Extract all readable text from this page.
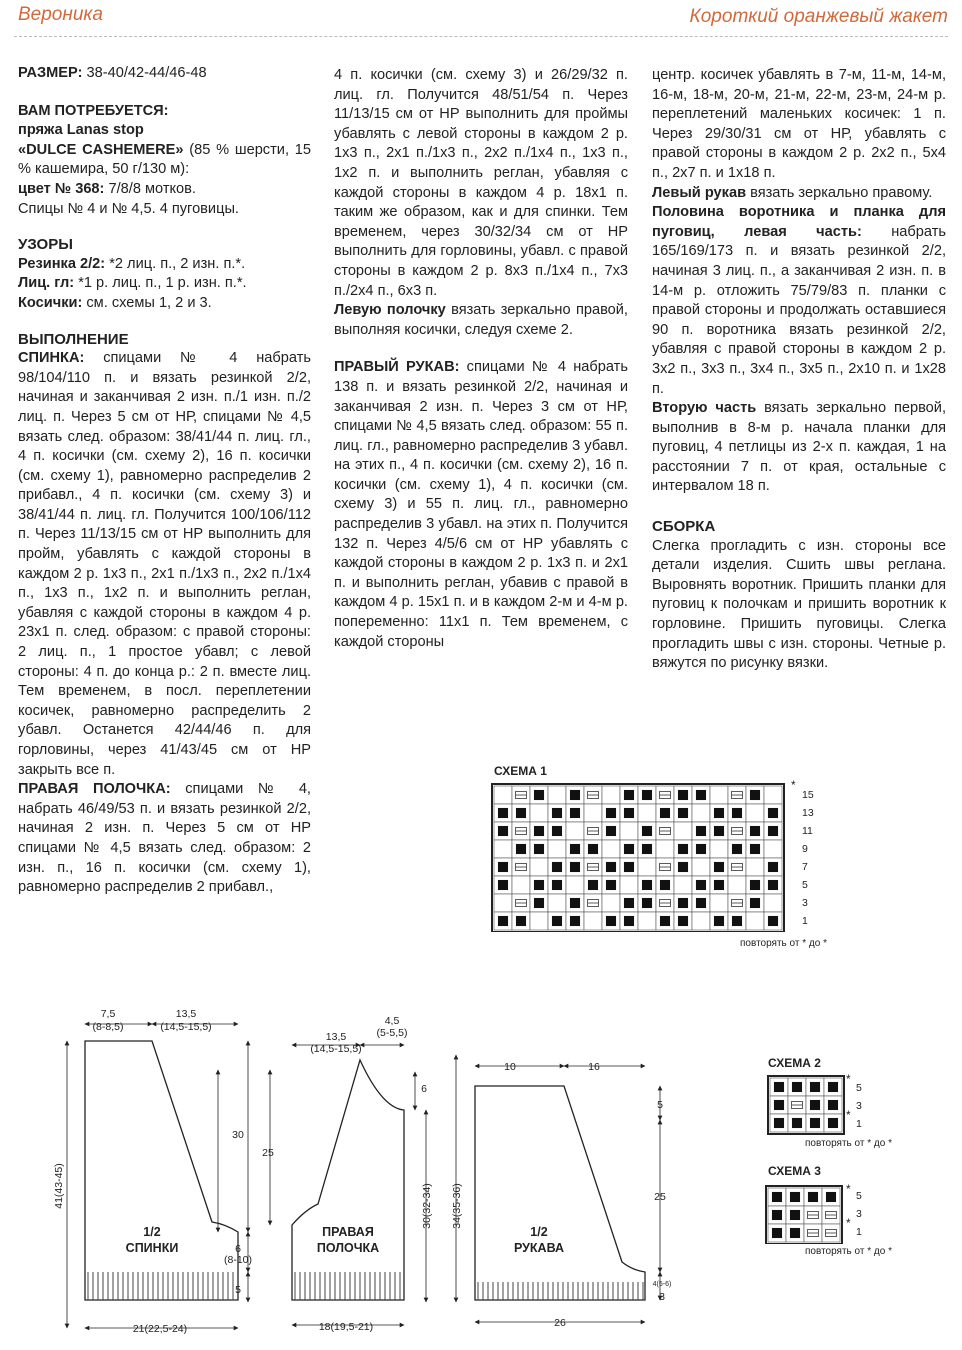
Вероника	Короткий оранжевый жакет

РАЗМЕР: 38-40/42-44/46-48

ВАМ ПОТРЕБУЕТСЯ:

пряжа Lanas stop

«DULCE CASHEMERE» (85 % шерсти, 15 % кашемира, 50 г/130 м):

цвет № 368: 7/8/8 мотков.

Спицы № 4 и № 4,5. 4 пуговицы.

УЗОРЫ

Резинка 2/2: *2 лиц. п., 2 изн. п.*.

Лиц. гл: *1 р. лиц. п., 1 р. изн. п.*.

Косички: см. схемы 1, 2 и 3.

ВЫПОЛНЕНИЕ

СПИНКА: спицами № 4 набрать 98/104/110 п. и вязать резинкой 2/2, начиная и заканчивая 2 изн. п./1 изн. п./2 лиц. п. Через 5 см от НР, спицами № 4,5 вязать след. образом: 38/41/44 п. лиц. гл., 4 п. косички (см. схему 2), 16 п. косички (см. схему 1), равномерно распределив 2 прибавл., 4 п. косички (см. схему 3) и 38/41/44 п. лиц. гл. Получится 100/106/112 п. Через 11/13/15 см от НР выполнить для пройм, убавлять с каждой стороны в каждом 2 р. 1х3 п., 2х1 п./1х3 п., 2х2 п./1х4 п., 1х3 п., 1х2 п. и выполнить реглан, убавляя с каждой стороны в каждом 4 р. 23х1 п. след. образом: с правой стороны: 2 лиц. п., 1 простое убавл; с левой стороны: 4 п. до конца р.: 2 п. вместе лиц. Тем временем, в посл. переплетении косичек, равномерно распределить 2 убавл. Останется 42/44/46 п. для горловины, через 41/43/45 см от НР закрыть все п.

ПРАВАЯ ПОЛОЧКА: спицами № 4, набрать 46/49/53 п. и вязать резинкой 2/2, начиная 2 изн. п. Через 5 см от НР спицами № 4,5 вязать след. образом: 2 изн. п., 16 п. косички (см. схему 1), равномерно распределив 2 прибавл.,

4 п. косички (см. схему 3) и 26/29/32 п. лиц. гл. Получится 48/51/54 п. Через 11/13/15 см от НР выполнить для проймы убавлять с левой стороны в каждом 2 р. 1х3 п., 2х1 п./1х3 п., 2х2 п./1х4 п., 1х3 п., 1х2 п. и выполнить реглан, убавляя с каждой стороны в каждом 4 р. 18х1 п. таким же образом, как и для спинки. Тем временем, через 30/32/34 см от НР выполнить для горловины, убавл. с правой стороны в каждом 2 р. 8х3 п./1х4 п., 7х3 п./2х4 п., 6х3 п.

Левую полочку вязать зеркально правой, выполняя косички, следуя схеме 2.

ПРАВЫЙ РУКАВ: спицами № 4 набрать 138 п. и вязать резинкой 2/2, начиная и заканчивая 2 изн. п. Через 3 см от НР, спицами № 4,5 вязать след. образом: 55 п. лиц. гл., равномерно распределив 3 убавл. на этих п., 4 п. косички (см. схему 2), 16 п. косички (см. схему 1), 4 п. косички (см. схему 3) и 55 п. лиц. гл., равномерно распределив 3 убавл. на этих п. Получится 132 п. Через 4/5/6 см от НР убавлять с каждой стороны в каждом 2 р. 1х3 п. и 2х1 п. и выполнить реглан, убавив с правой в каждом 4 р. 15х1 п. и в каждом 2-м и 4-м р. попеременно: 11х1 п. Тем временем, с каждой стороны

центр. косичек убавлять в 7-м, 11-м, 14-м, 16-м, 18-м, 20-м, 21-м, 22-м, 23-м, 24-м р. переплетений маленьких косичек: 1 п. Через 29/30/31 см от НР, убавлять с правой стороны в каждом 2 р. 2х2 п., 5х4 п., 2х7 п. и 1х18 п.

Левый рукав вязать зеркально правому.

Половина воротника и планка для пуговиц, левая часть: набрать 165/169/173 п. и вязать резинкой 2/2, начиная 3 лиц. п., а заканчивая 2 изн. п. в 14-м р. отложить 75/79/83 п. планки с правой стороны и продолжать оставшиеся 90 п. воротника вязать резинкой 2/2, убавляя с правой стороны в каждом 2 р. 3х2 п., 3х3 п., 3х4 п., 3х5 п., 2х10 п. и 1х28 п.

Вторую часть вязать зеркально первой, выполнив в 8-м р. начала планки для пуговиц, 4 петлицы из 2-х п. каждая, 1 на расстоянии 7 п. от края, остальные с интервалом 18 п.

СБОРКА

Слегка прогладить с изн. стороны все детали изделия. Сшить швы реглана. Выровнять воротник. Пришить планки для пуговиц к полочкам и пришить воротник к горловине. Пришить пуговицы. Слегка прогладить швы с изн. стороны. Четные р. вяжутся по рисунку вязки.

СХЕМА 1
*
15
13
11
9
7
5
3
1
повторять от * до *
СХЕМА 2
*
5
3
1
*
повторять от * до *
СХЕМА 3
* 5
3
1
*
повторять от * до *
7,5
(8-8,5)
13,5
(14,5-15,5)
41(43-45)
30
25
6
(8-10)
5
21(22,5-24)
13,5
(14,5-15,5)
4,5
(5-5,5)
6
30(32-34) 34(35-36)
18(19,5-21)
10	16
5
25
4(5-6)
3
26
1/2
СПИНКИ
ПРАВАЯ
ПОЛОЧКА
1/2
РУКАВА
